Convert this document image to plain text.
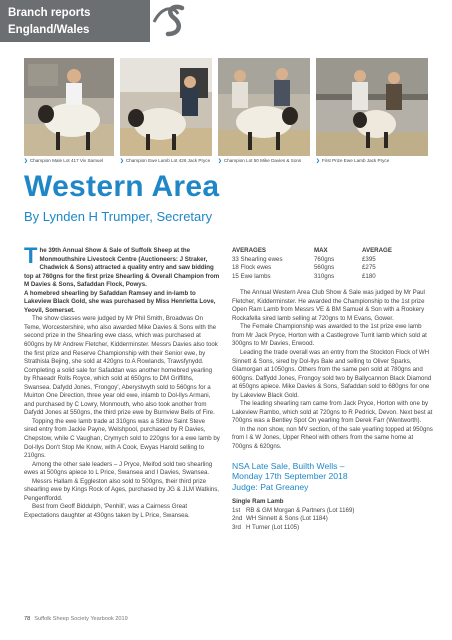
Branch reports
England/Wales
❯ Champion Male Lot 417 Viv Samuel	❯ Champion Ewe Lamb Lot 426 Jack Pryce ❯ Champion Lot 50 Mike Davies & Sons	❯ First Prize Ewe Lamb Jack Pryce
Western Area
By Lynden H Trumper, Secretary

The 39th Annual Show & Sale of Suffolk Sheep at the Monmouthshire Livestock Centre (Auctioneers: J Straker, Chadwick & Sons) attracted a quality entry and saw bidding top at 760gns for the first prize Shearling & Overall Champion from M Davies & Sons, Safaddan Flock, Powys.

A homebred shearling by Safaddan Ramsey and in-lamb to Lakeview Black Gold, she was purchased by Miss Henrietta Love, Yeovil, Somerset.

The show classes were judged by Mr Phil Smith, Broadwas On Teme, Worcestershire, who also awarded Mike Davies & Sons with the second prize in the Shearling ewe class, which was purchased at 600gns by Mr Andrew Fletcher, Kidderminster. Messrs Davies also took the first prize and Reserve Championship with their Senior ewe, by Strathisla Bejing, she sold at 420gns to A Rowlands, Trawsfynydd. Completing a solid sale for Safaddan was another homebred yearling by Rhaeadr Rolls Royce, which sold at 650gns to DM Griffiths, Swansea. Dafydd Jones, 'Frongoy', Aberystwyth sold to 560gns for a Muirton One Direction, three year old ewe, inlamb to Dol-llys Armani, and purchased by C Lowry, Monmouth, who also took another from Dafydd Jones at 550gns, the third prize ewe by Burnview Bells of Fire.

Topping the ewe lamb trade at 310gns was a Sitlow Saint Steve sired entry from Jackie Payne, Welshpool, purchased by R Davies, Chepstow, while C Vaughan, Crymych sold to 220gns for a ewe lamb by Dol-llys Don't Stop Me Know, with A Cook, Ewyas Harold selling to 210gns.

Among the other sale leaders – J Pryce, Meifod sold two shearling ewes at 500gns apiece to L Price, Swansea and I Davies, Swansea.

Messrs Hallam & Eggleston also sold to 500gns, their third prize shearling ewe by Kings Rock of Ages, purchased by JG & JLM Watkins, Pengenffordd.

Best from Geoff Biddulph, 'Penhill', was a Cairness Great Expectations daughter at 430gns taken by L Price, Swansea.

AVERAGES	MAX	AVERAGE
33 Shearling ewes	760gns	£395
18 Flock ewes	560gns	£275
15 Ewe lambs	310gns	£180

The Annual Western Area Club Show & Sale was judged by Mr Paul Fletcher, Kidderminster. He awarded the Championship to the 1st prize Open Ram Lamb from Messrs VE & BM Samuel & Son with a Rookery Rockafella sired lamb selling at 720gns to M Evans, Gower.

The Female Championship was awarded to the 1st prize ewe lamb from Mr Jack Pryce, Horton with a Castlegrove Turrit lamb which sold at 300gns to Mr Davies, Erwood.

Leading the trade overall was an entry from the Stockton Flock of WH Sinnett & Sons, sired by Dol-llys Bale and selling to Oliver Sparks, Glamorgan at 1050gns. Others from the same pen sold at 780gns and 600gns. Daffydd Jones, Frongoy sold two by Ballycannon Black Diamond at 650gns apiece. Mike Davies & Sons, Safaddan sold to 680gns for one by Lakeview Black Gold.

The leading shearling ram came from Jack Pryce, Horton with one by Lakeview Rambo, which sold at 720gns to R Pedrick, Devon. Next best at 700gns was a Bentley Spot On yearling from Derek Farr (Wentworth).

In the non show, non MV section, of the sale yearling topped at 950gns from I & W Jones, Upper Rheol with others from the same home at 700gns & 620gns.

NSA Late Sale, Builth Wells –
Monday 17th September 2018
Judge: Pat Greaney
Single Ram Lamb
1st RB & GM Morgan & Partners (Lot 1169)
2nd WH Sinnett & Sons (Lot 1184)
3rd H Turner (Lot 1105)
78 Suffolk Sheep Society Yearbook 2019
